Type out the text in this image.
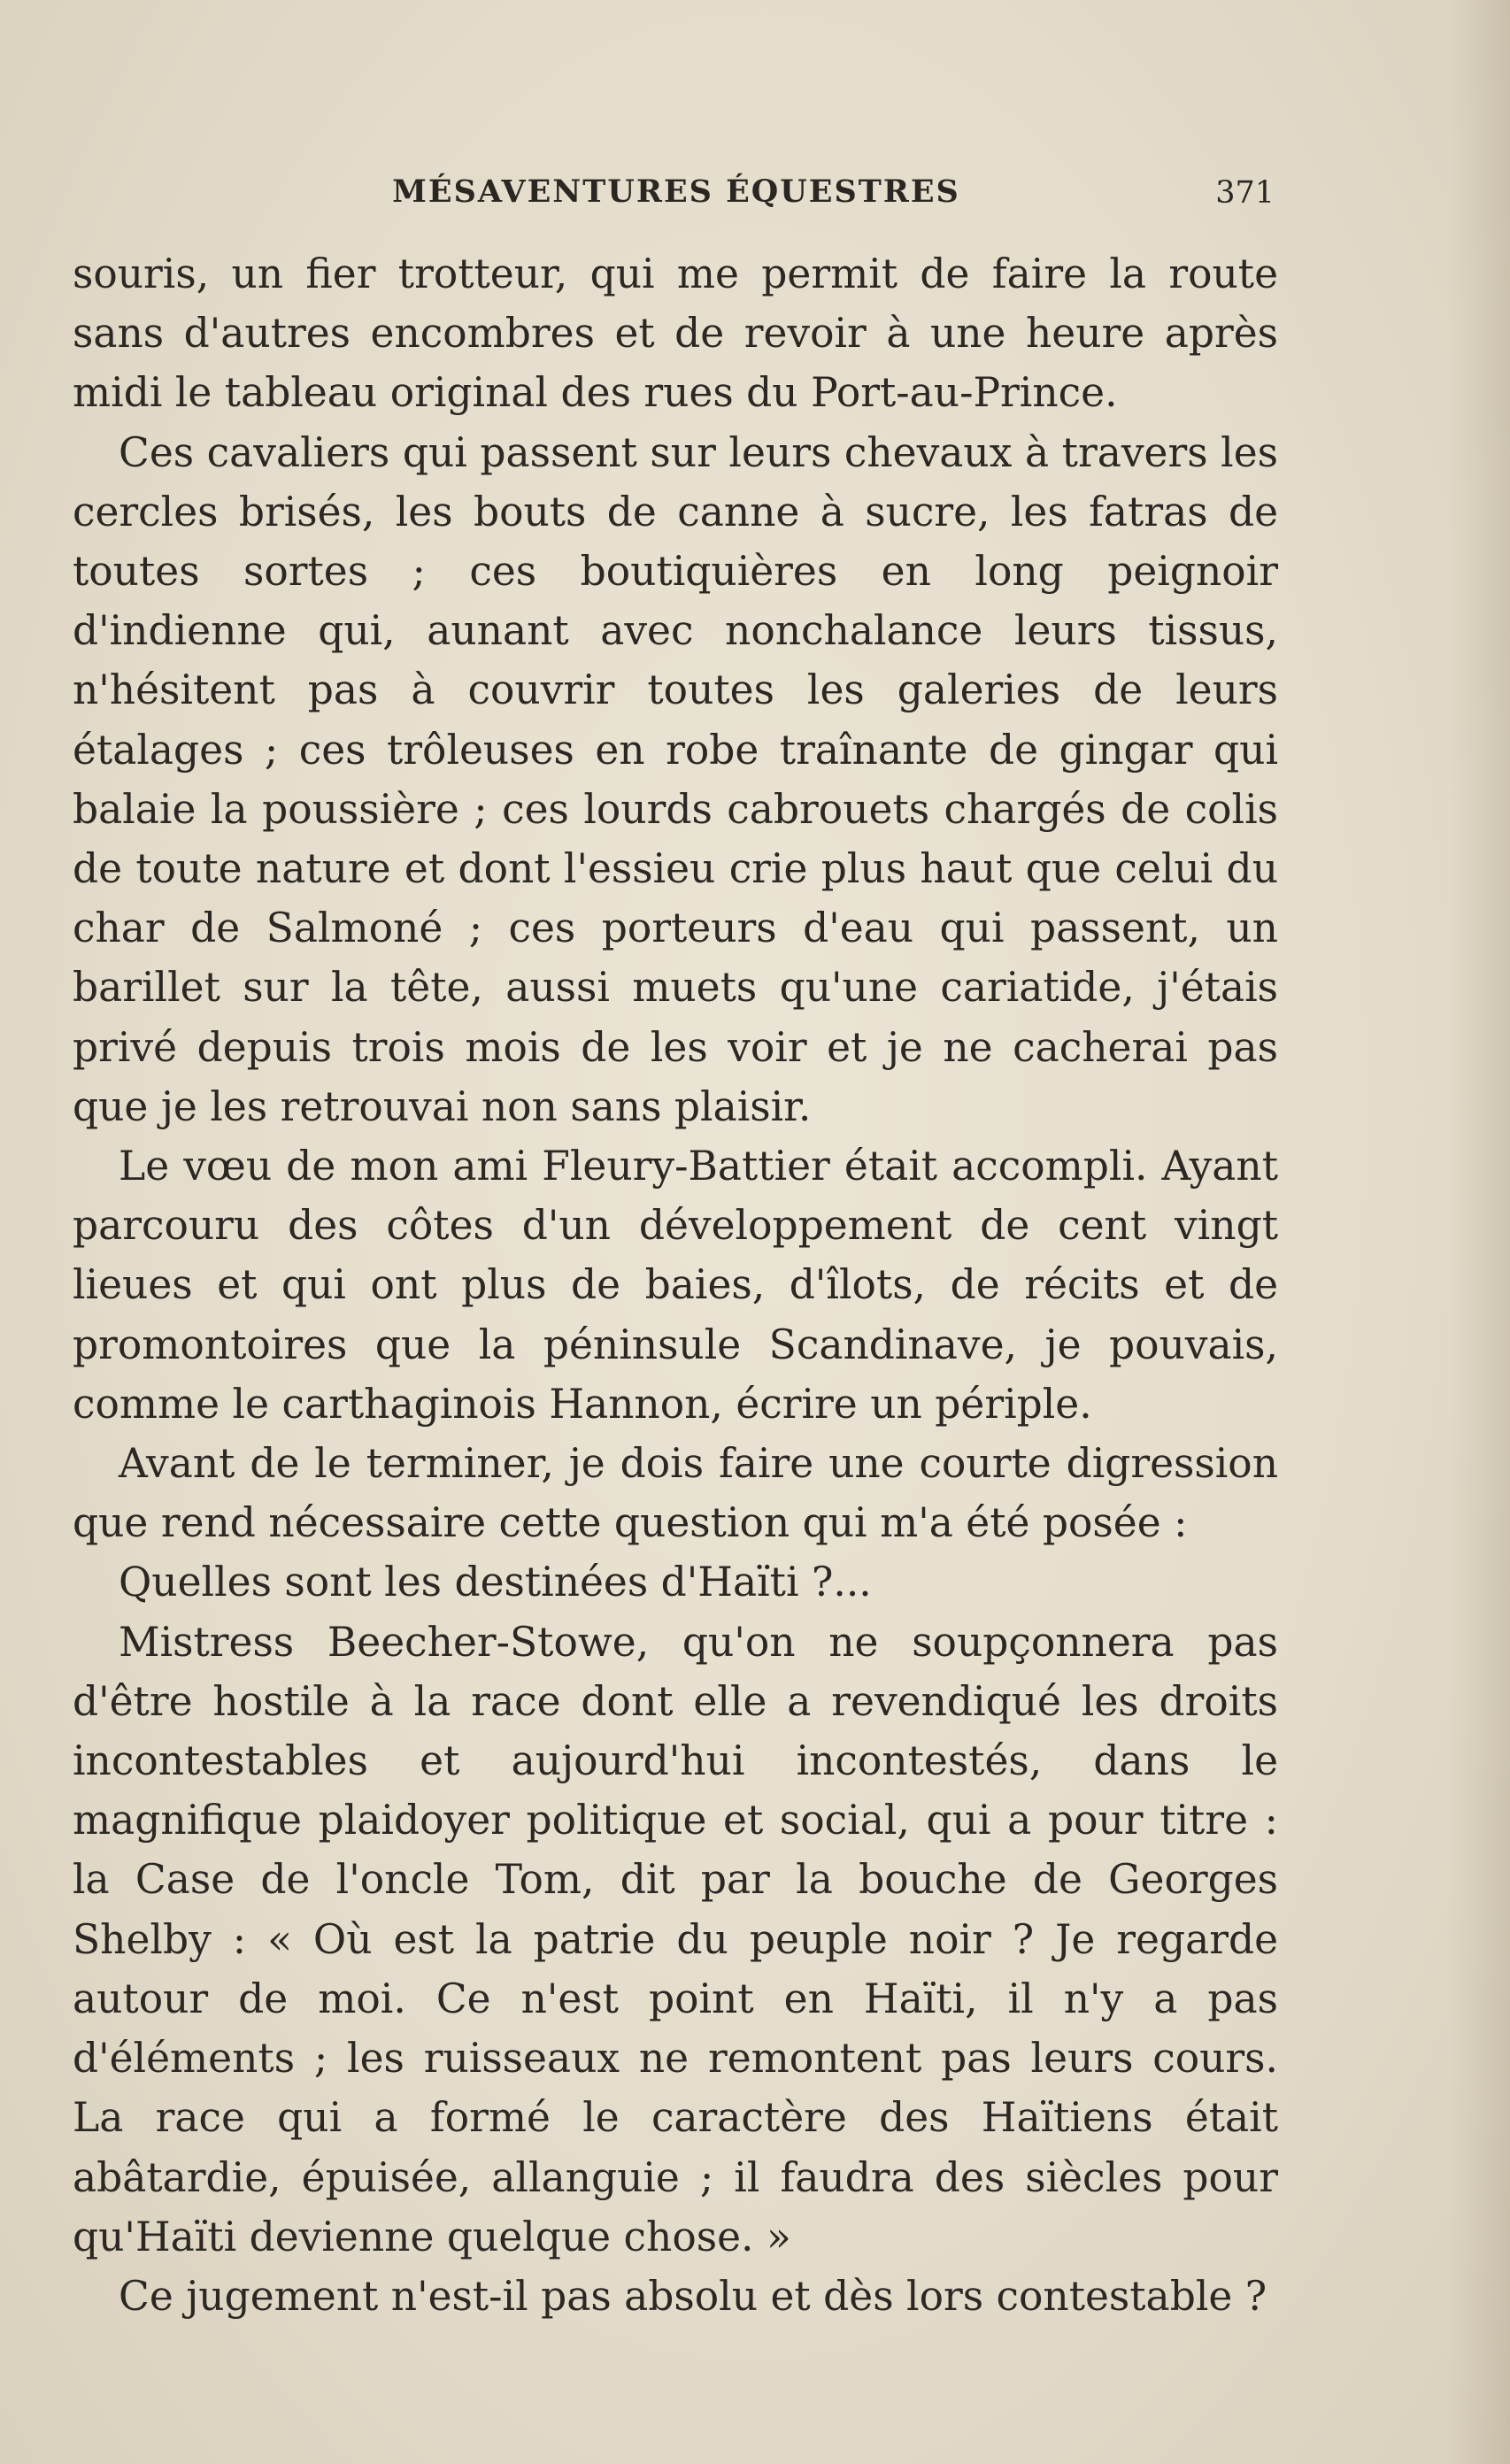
MÉSAVENTURES ÉQUESTRES	371

souris, un fier trotteur, qui me permit de faire la route sans d'autres encombres et de revoir à une heure après midi le tableau original des rues du Port-au-Prince.

Ces cavaliers qui passent sur leurs chevaux à travers les cercles brisés, les bouts de canne à sucre, les fatras de toutes sortes ; ces boutiquières en long peignoir d'indienne qui, aunant avec nonchalance leurs tissus, n'hésitent pas à couvrir toutes les galeries de leurs étalages ; ces trôleuses en robe traînante de gingar qui balaie la poussière ; ces lourds cabrouets chargés de colis de toute nature et dont l'essieu crie plus haut que celui du char de Salmoné ; ces porteurs d'eau qui passent, un barillet sur la tête, aussi muets qu'une cariatide, j'étais privé depuis trois mois de les voir et je ne cacherai pas que je les retrouvai non sans plaisir.

Le vœu de mon ami Fleury-Battier était accompli. Ayant parcouru des côtes d'un développement de cent vingt lieues et qui ont plus de baies, d'îlots, de récits et de promontoires que la péninsule Scandinave, je pouvais, comme le carthaginois Hannon, écrire un périple.

Avant de le terminer, je dois faire une courte digression que rend nécessaire cette question qui m'a été posée :

Quelles sont les destinées d'Haïti ?...

Mistress Beecher-Stowe, qu'on ne soupçonnera pas d'être hostile à la race dont elle a revendiqué les droits incontestables et aujourd'hui incontestés, dans le magnifique plaidoyer politique et social, qui a pour titre : la Case de l'oncle Tom, dit par la bouche de Georges Shelby : « Où est la patrie du peuple noir ? Je regarde autour de moi. Ce n'est point en Haïti, il n'y a pas d'éléments ; les ruisseaux ne remontent pas leurs cours. La race qui a formé le caractère des Haïtiens était abâtardie, épuisée, allanguie ; il faudra des siècles pour qu'Haïti devienne quelque chose. »

Ce jugement n'est-il pas absolu et dès lors contestable ?
